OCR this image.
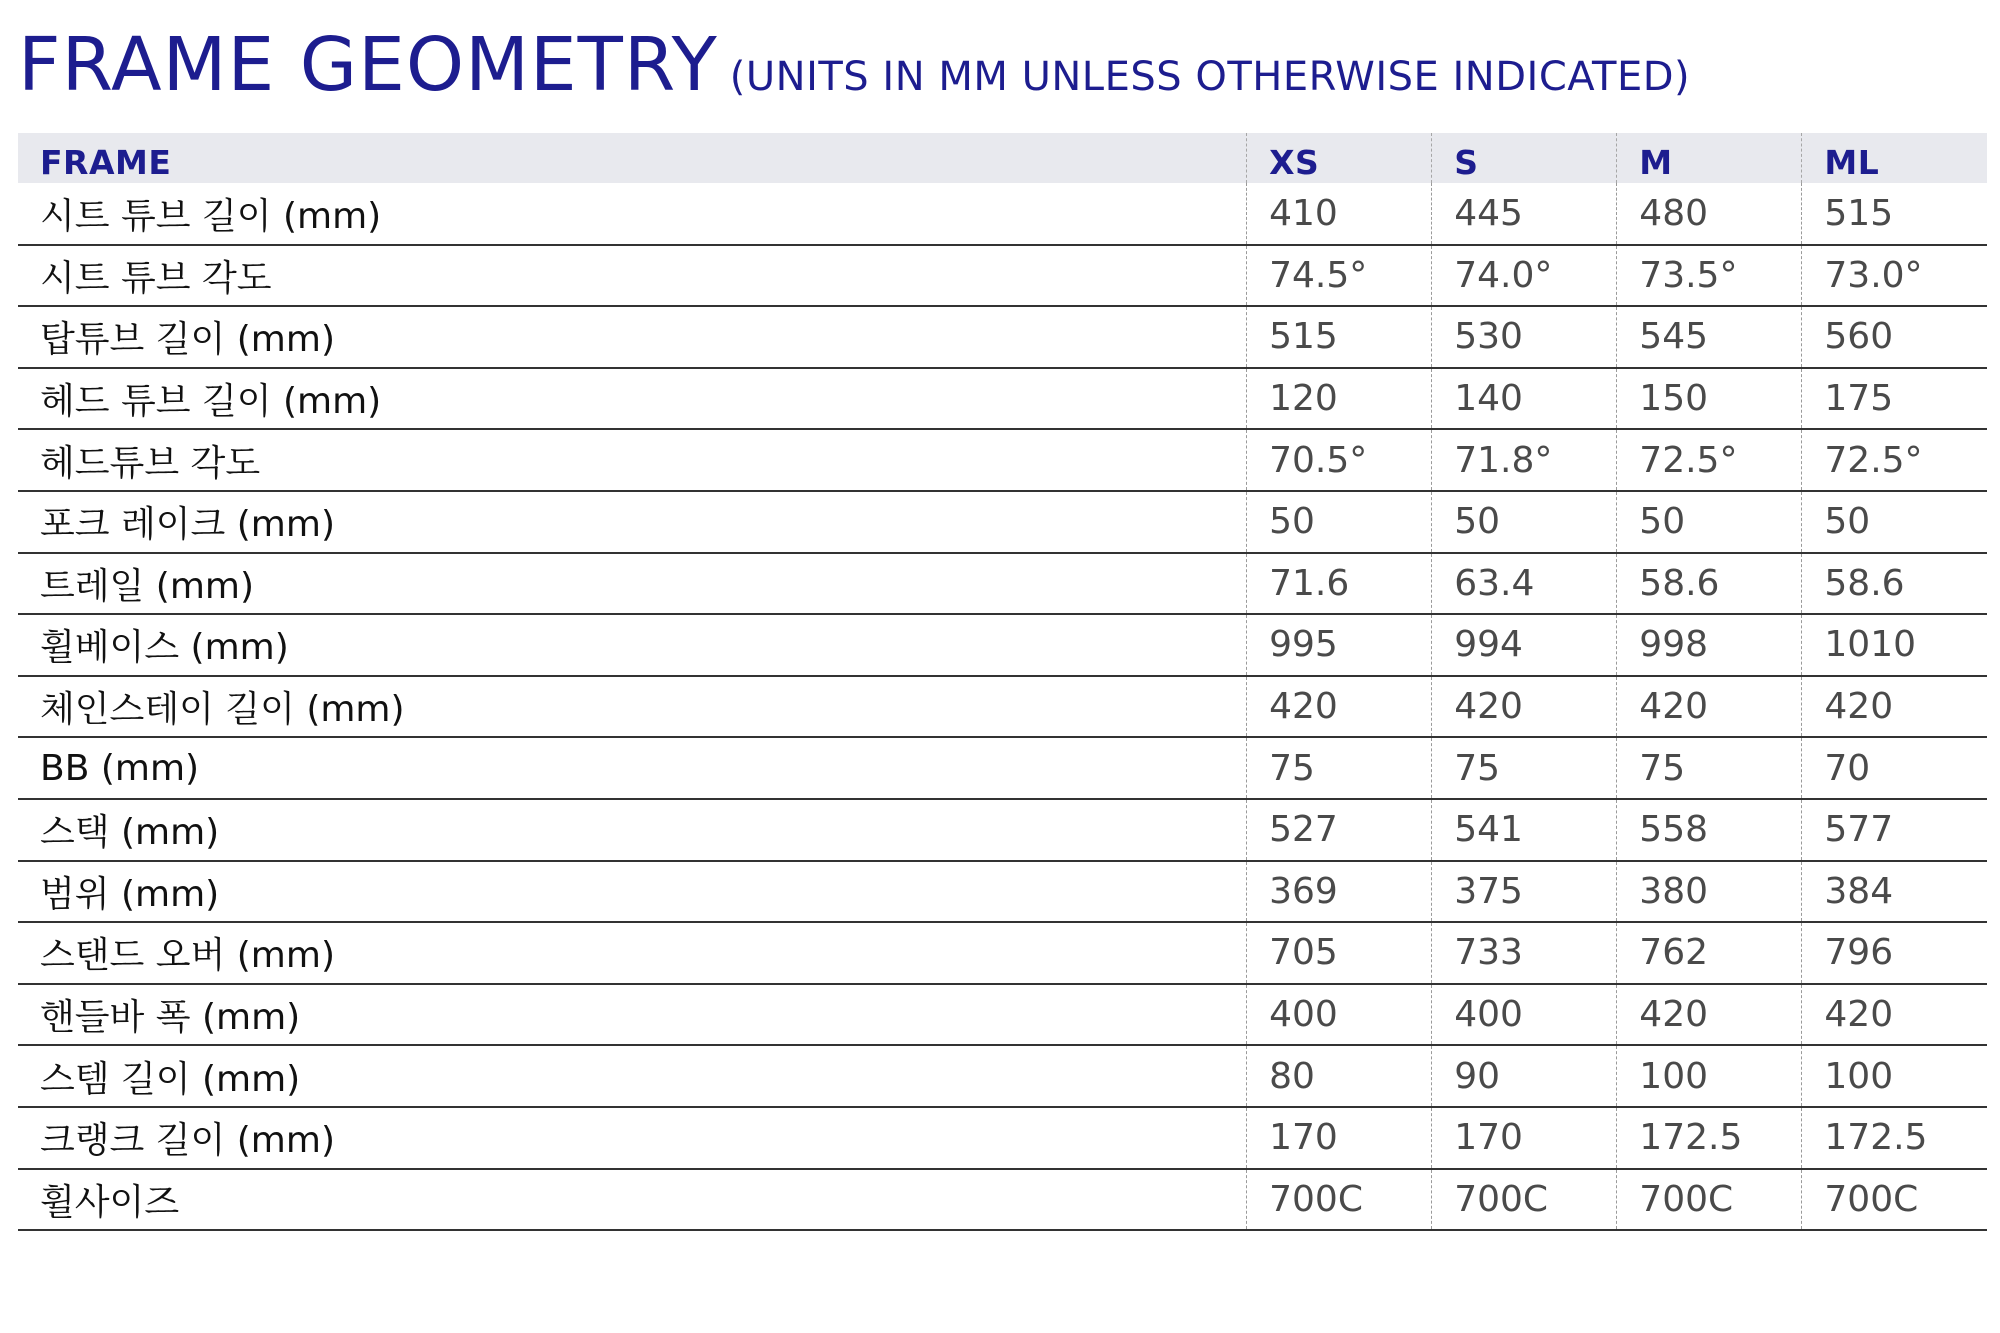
FRAME GEOMETRY (UNITS IN MM UNLESS OTHERWISE INDICATED)
FRAME	XS	S	M	ML
시트 튜브 길이 (mm)	410	445	480	515
시트 튜브 각도	74.5°	74.0°	73.5°	73.0°
탑튜브 길이 (mm)	515	530	545	560
헤드 튜브 길이 (mm)	120	140	150	175
헤드튜브 각도	70.5°	71.8°	72.5°	72.5°
포크 레이크 (mm)	50	50	50	50
트레일 (mm)	71.6	63.4	58.6	58.6
휠베이스 (mm)	995	994	998	1010
체인스테이 길이 (mm)	420	420	420	420
BB (mm)	75	75	75	70
스택 (mm)	527	541	558	577
범위 (mm)	369	375	380	384
스탠드 오버 (mm)	705	733	762	796
핸들바 폭 (mm)	400	400	420	420
스템 길이 (mm)	80	90	100	100
크랭크 길이 (mm)	170	170	172.5	172.5
휠사이즈	700C	700C	700C	700C
